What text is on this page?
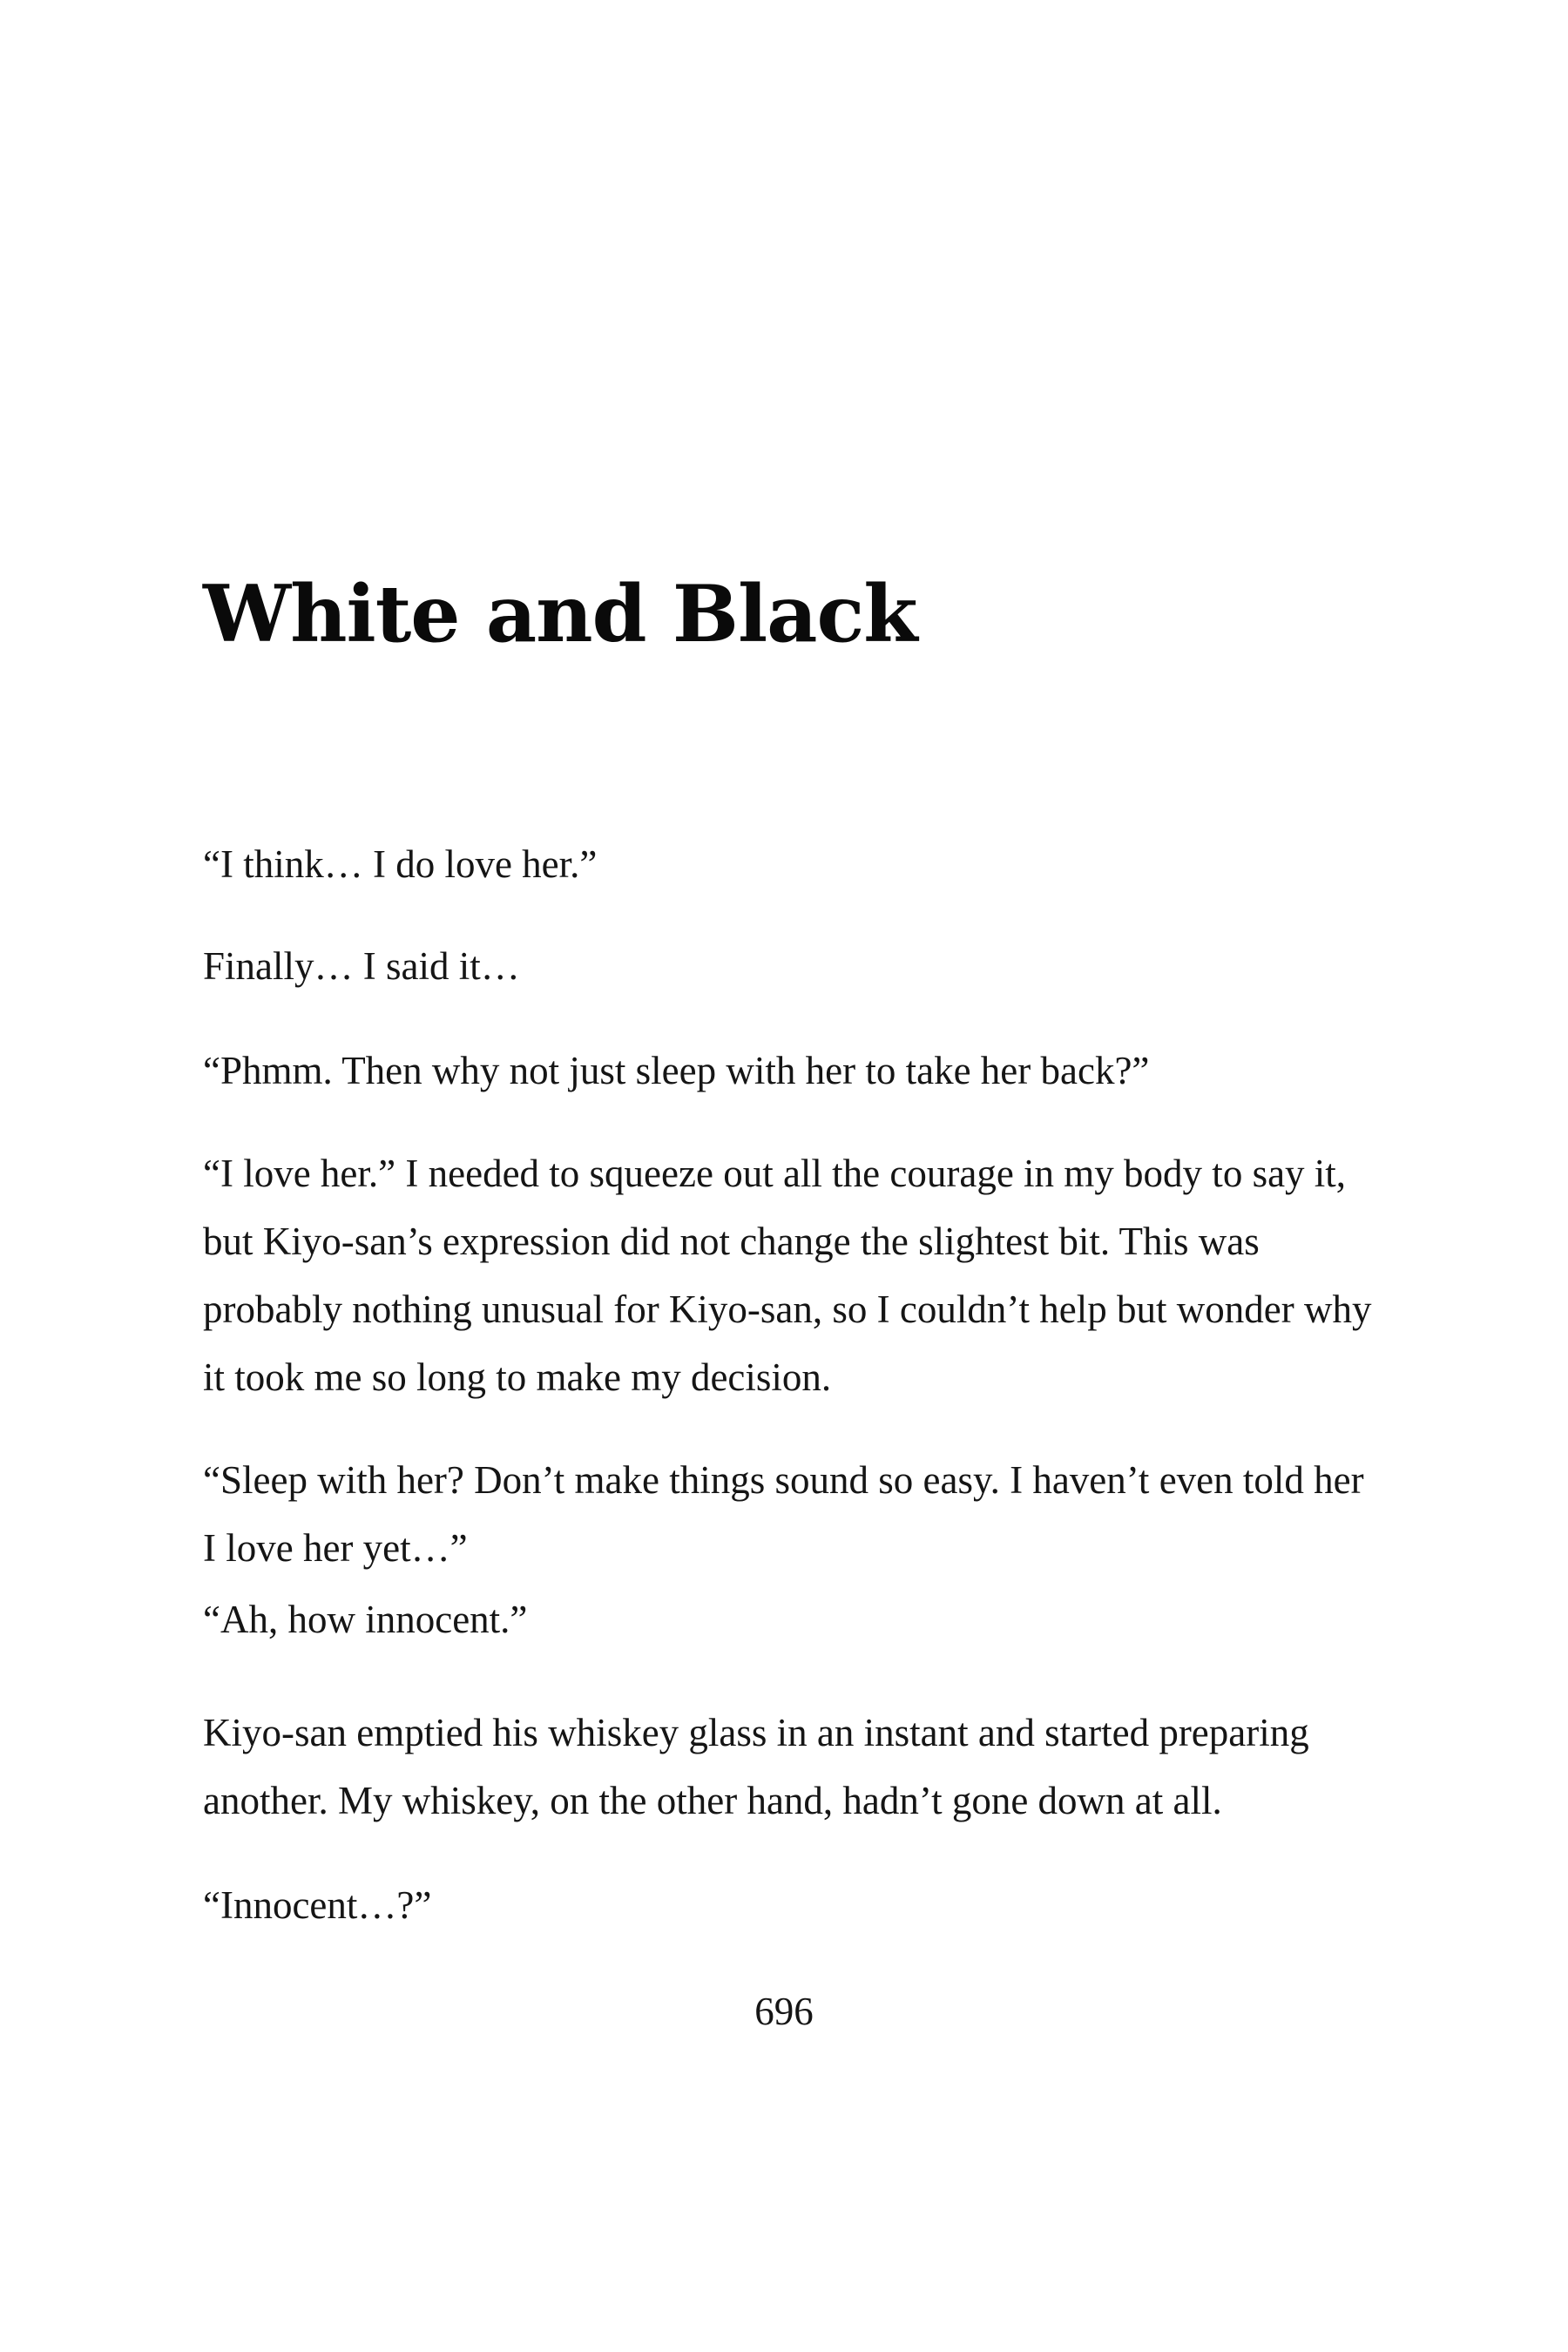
White and Black

“I think… I do love her.”

Finally… I said it…

“Phmm. Then why not just sleep with her to take her back?”

“I love her.” I needed to squeeze out all the courage in my body to say it, but Kiyo-san’s expression did not change the slightest bit. This was probably nothing unusual for Kiyo-san, so I couldn’t help but wonder why it took me so long to make my decision.

“Sleep with her? Don’t make things sound so easy. I haven’t even told her I love her yet…”

“Ah, how innocent.”

Kiyo-san emptied his whiskey glass in an instant and started preparing another. My whiskey, on the other hand, hadn’t gone down at all.

“Innocent…?”

696
